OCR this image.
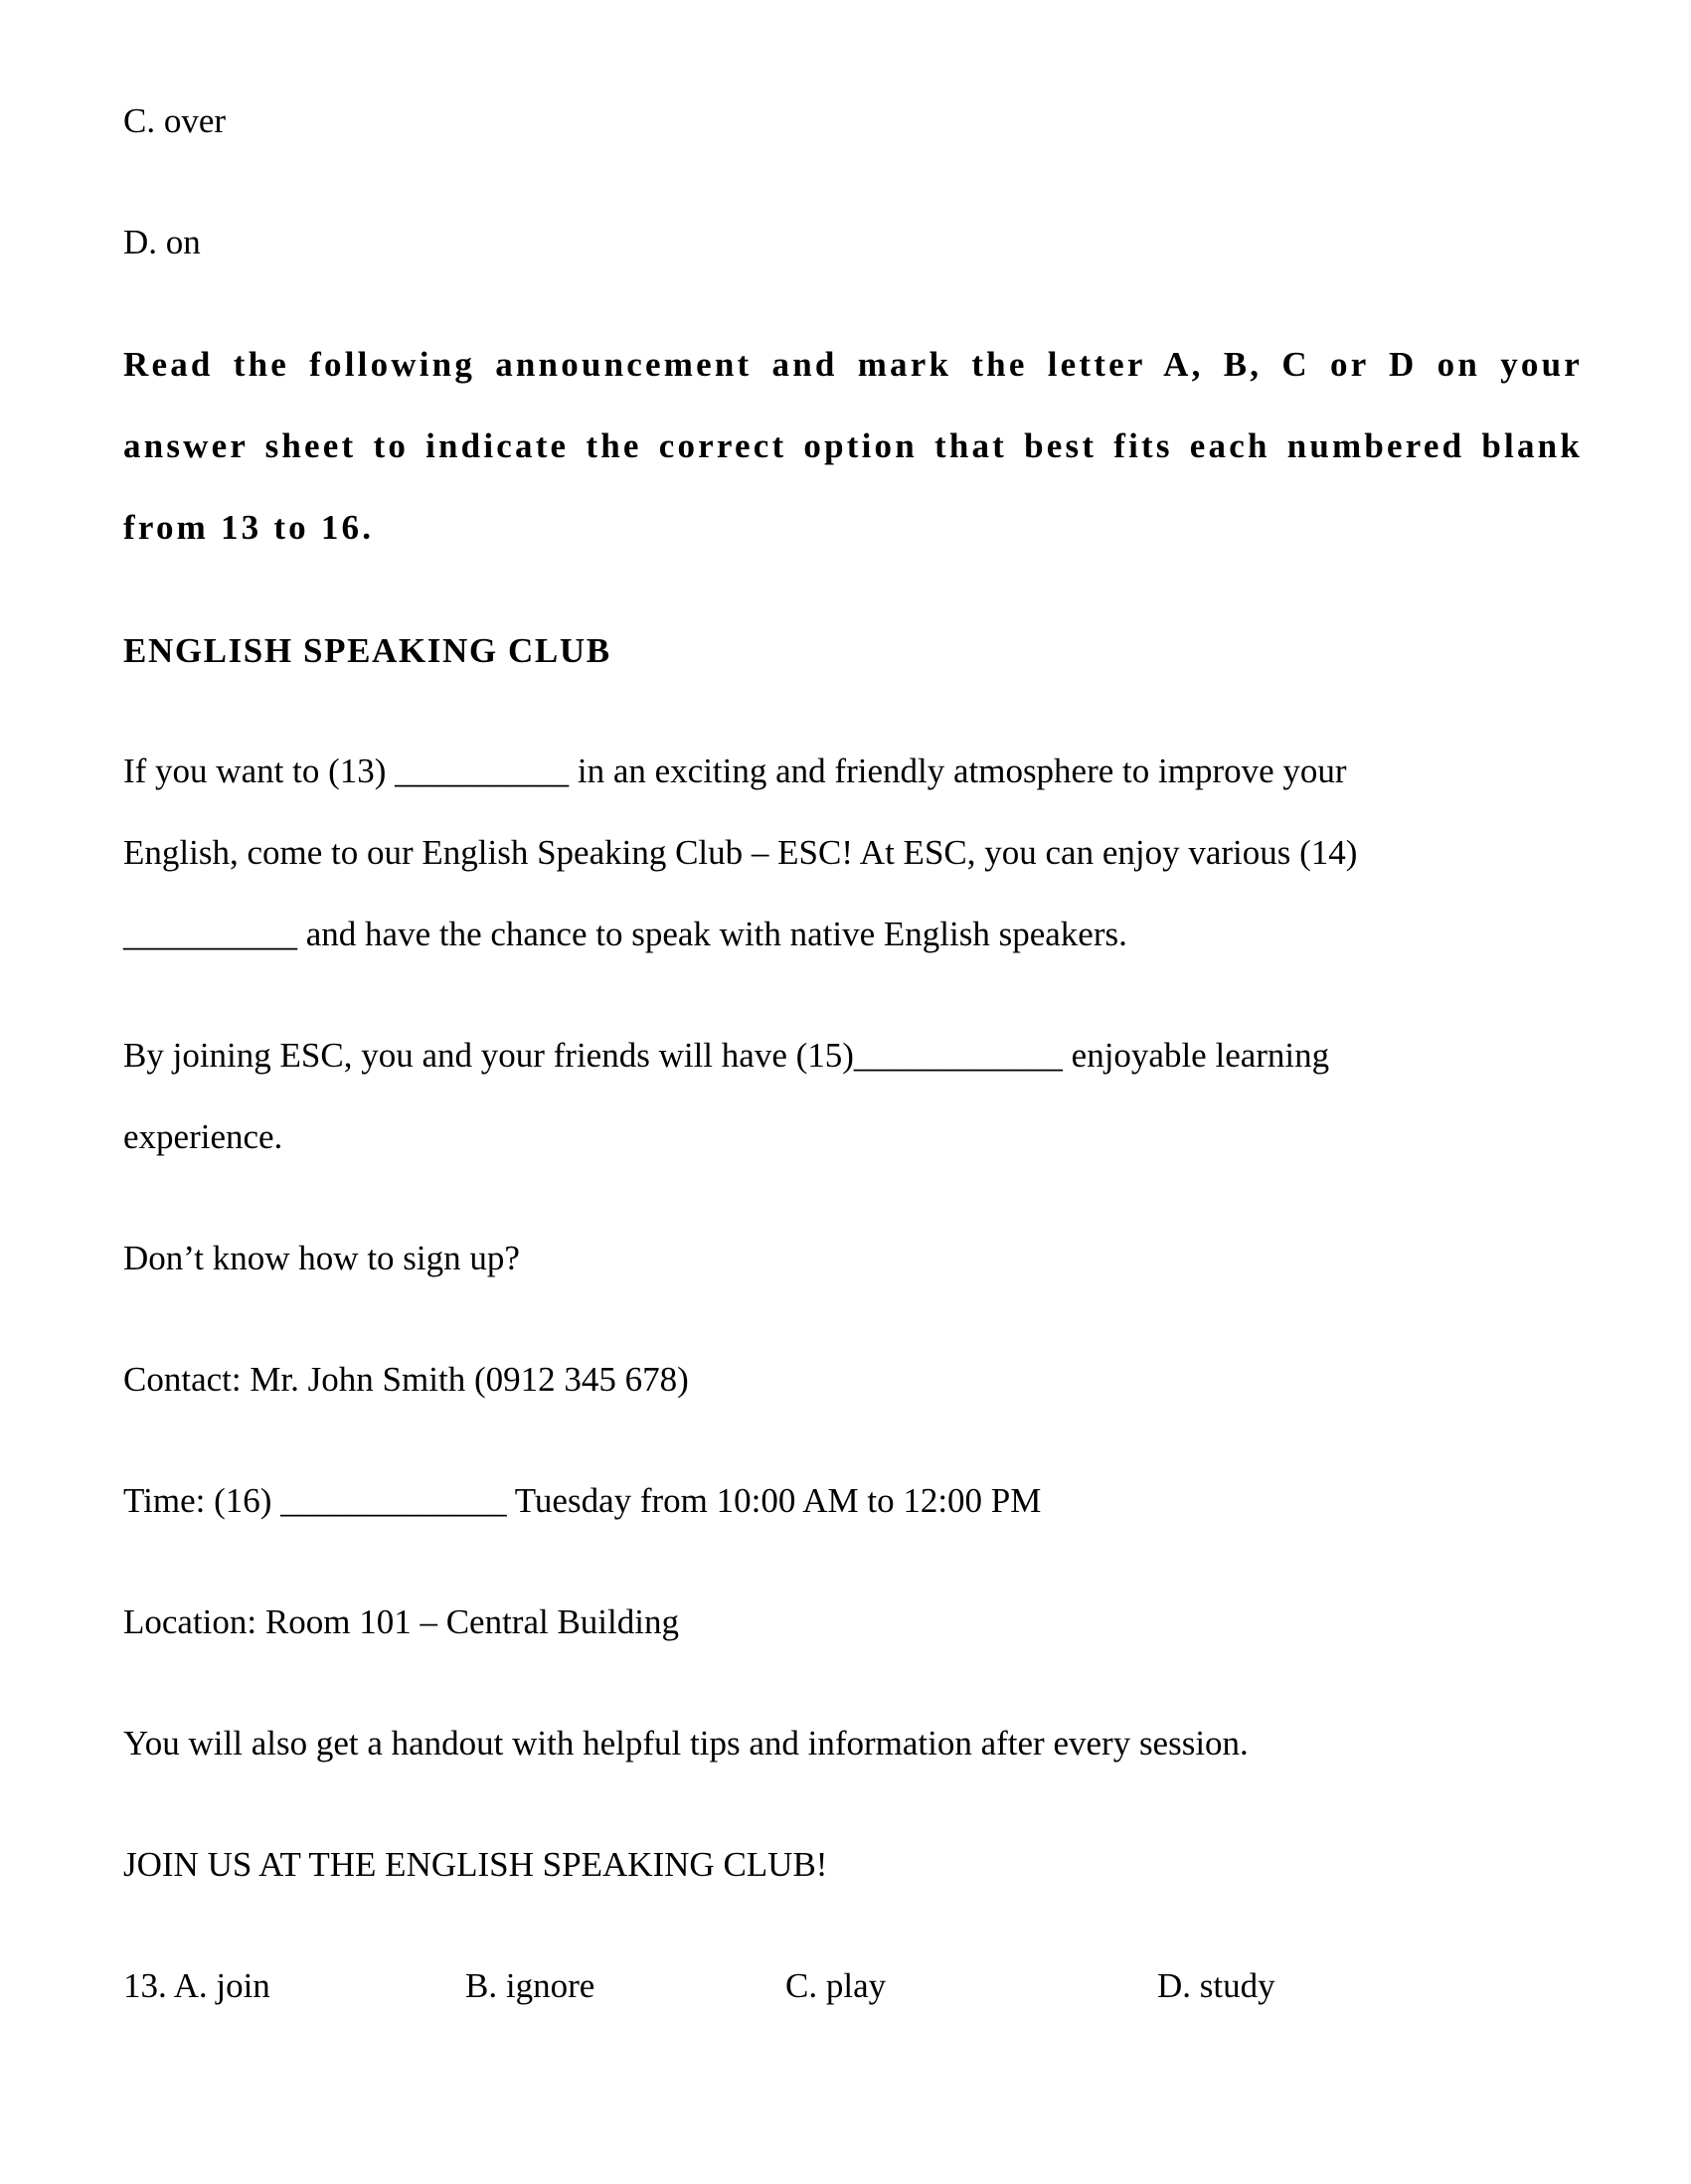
C. over

D. on

Read the following announcement and mark the letter A, B, C or D on your answer sheet to indicate the correct option that best fits each numbered blank from 13 to 16.

ENGLISH SPEAKING CLUB

If you want to (13) __________ in an exciting and friendly atmosphere to improve your

English, come to our English Speaking Club – ESC! At ESC, you can enjoy various (14)

__________ and have the chance to speak with native English speakers.

By joining ESC, you and your friends will have (15)____________ enjoyable learning

experience.

Don’t know how to sign up?

Contact: Mr. John Smith (0912 345 678)

Time: (16) _____________ Tuesday from 10:00 AM to 12:00 PM

Location: Room 101 – Central Building

You will also get a handout with helpful tips and information after every session.

JOIN US AT THE ENGLISH SPEAKING CLUB!

13. A. join	B. ignore	C. play	D. study
